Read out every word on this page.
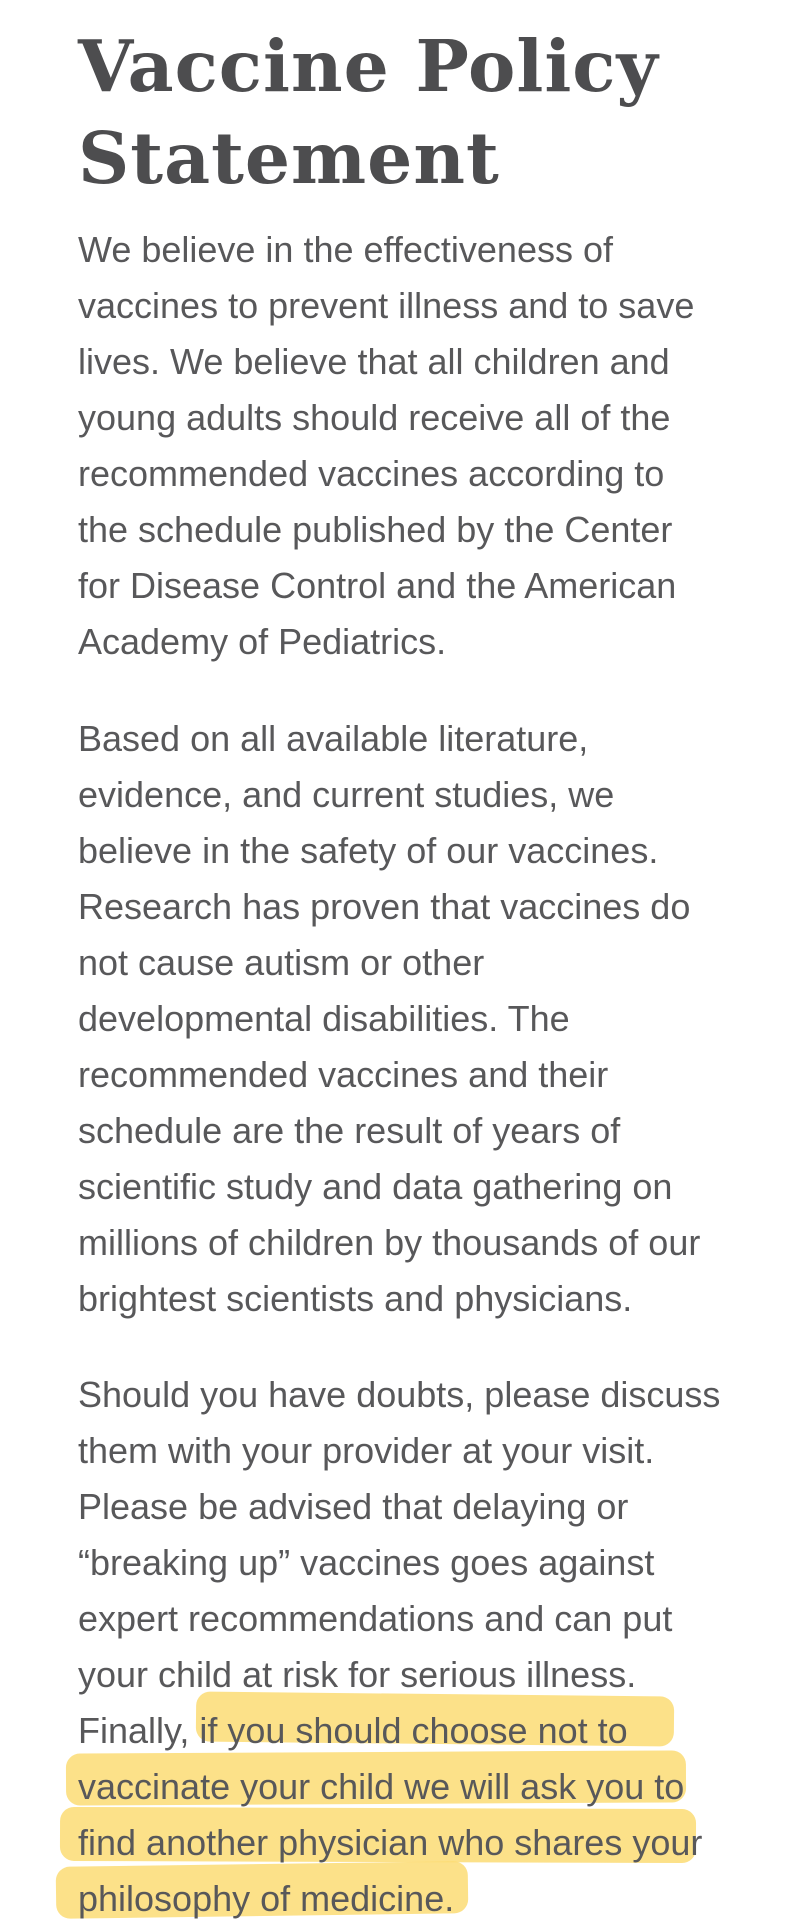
Vaccine Policy
Statement

We believe in the effectiveness of
vaccines to prevent illness and to save
lives. We believe that all children and
young adults should receive all of the
recommended vaccines according to
the schedule published by the Center
for Disease Control and the American
Academy of Pediatrics.

Based on all available literature,
evidence, and current studies, we
believe in the safety of our vaccines.
Research has proven that vaccines do
not cause autism or other
developmental disabilities. The
recommended vaccines and their
schedule are the result of years of
scientific study and data gathering on
millions of children by thousands of our
brightest scientists and physicians.

Should you have doubts, please discuss
them with your provider at your visit.
Please be advised that delaying or
“breaking up” vaccines goes against
expert recommendations and can put
your child at risk for serious illness.
Finally, if you should choose not to
vaccinate your child we will ask you to
find another physician who shares your
philosophy of medicine.
